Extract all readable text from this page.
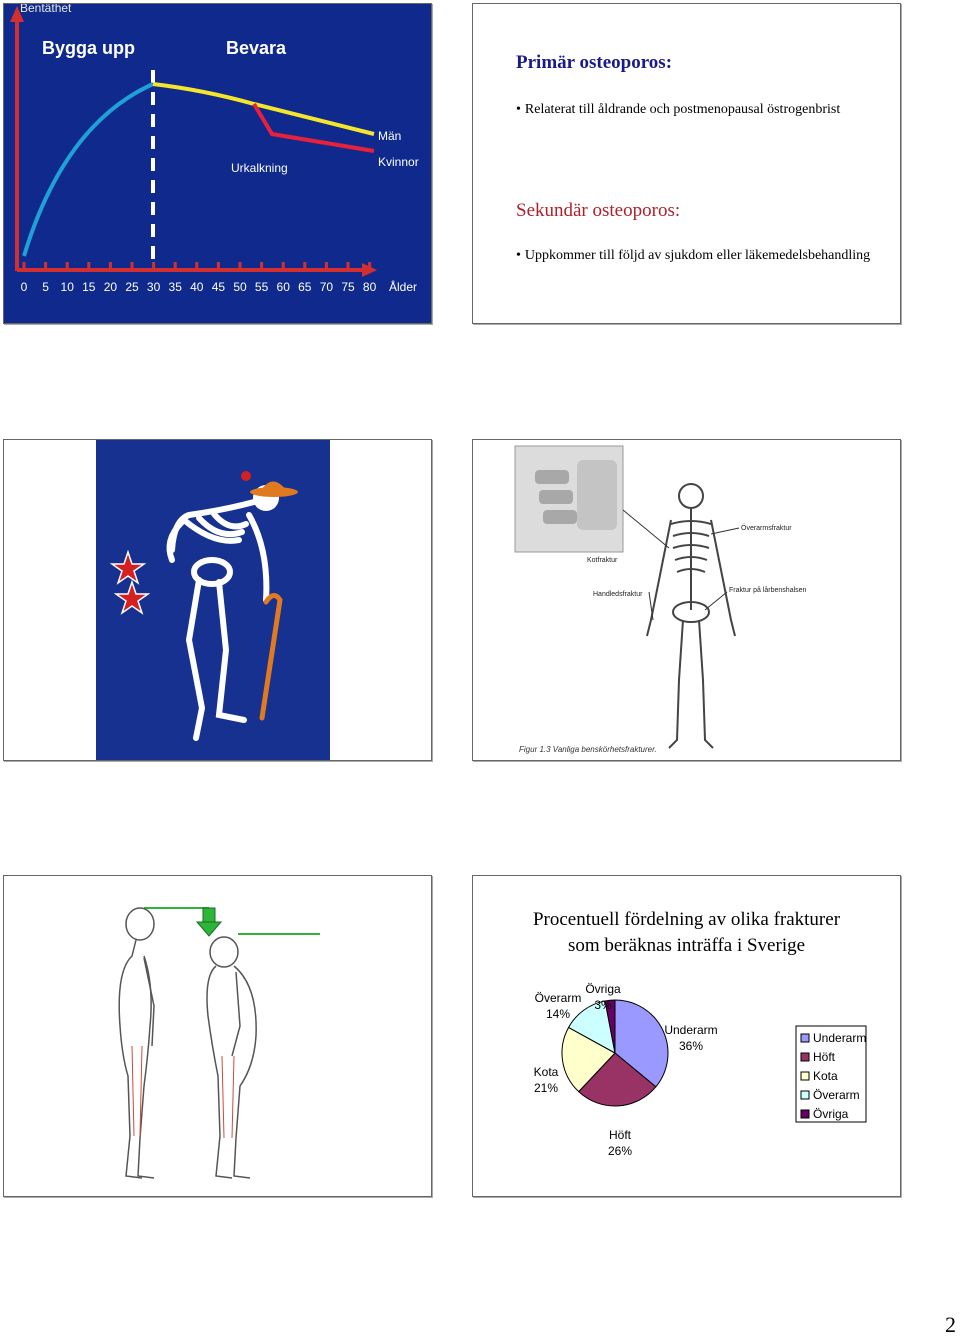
Bentäthet
Bygga upp	Bevara
Män
Kvinnor
Urkalkning
0 5 10 15 20 25 30 35 40 45 50 55 60 65 70 75 80 Ålder
Primär osteoporos:
• Relaterat till åldrande och postmenopausal östrogenbrist
Sekundär osteoporos:
• Uppkommer till följd av sjukdom eller läkemedelsbehandling
Kotfraktur
Överarmsfraktur
Handledsfraktur
Fraktur på lårbenshalsen
Figur 1.3 Vanliga benskörhetsfrakturer.
Procentuell fördelning av olika frakturer
som beräknas inträffa i Sverige
Underarm
36%
Höft
26%
Kota
21%
Överarm
14%
Övriga
3%
Underarm
Höft
Kota
Överarm
Övriga
2
